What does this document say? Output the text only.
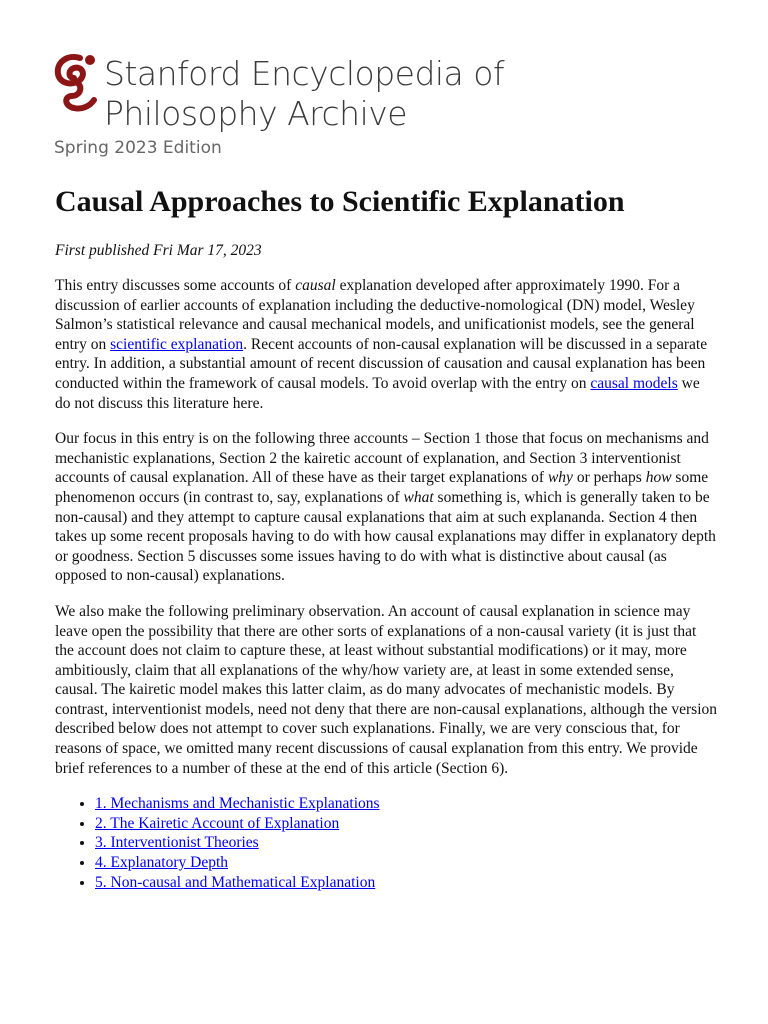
Stanford Encyclopedia of
Philosophy Archive
Spring 2023 Edition
Causal Approaches to Scientific Explanation

First published Fri Mar 17, 2023

This entry discusses some accounts of causal explanation developed after approximately 1990. For a discussion of earlier accounts of explanation including the deductive-nomological (DN) model, Wesley Salmon’s statistical relevance and causal mechanical models, and unificationist models, see the general entry on scientific explanation. Recent accounts of non-causal explanation will be discussed in a separate entry. In addition, a substantial amount of recent discussion of causation and causal explanation has been conducted within the framework of causal models. To avoid overlap with the entry on causal models we do not discuss this literature here.

Our focus in this entry is on the following three accounts – Section 1 those that focus on mechanisms and mechanistic explanations, Section 2 the kairetic account of explanation, and Section 3 interventionist accounts of causal explanation. All of these have as their target explanations of why or perhaps how some phenomenon occurs (in contrast to, say, explanations of what something is, which is generally taken to be non-causal) and they attempt to capture causal explanations that aim at such explananda. Section 4 then takes up some recent proposals having to do with how causal explanations may differ in explanatory depth or goodness. Section 5 discusses some issues having to do with what is distinctive about causal (as opposed to non-causal) explanations.

We also make the following preliminary observation. An account of causal explanation in science may leave open the possibility that there are other sorts of explanations of a non-causal variety (it is just that the account does not claim to capture these, at least without substantial modifications) or it may, more ambitiously, claim that all explanations of the why/how variety are, at least in some extended sense, causal. The kairetic model makes this latter claim, as do many advocates of mechanistic models. By contrast, interventionist models, need not deny that there are non-causal explanations, although the version described below does not attempt to cover such explanations. Finally, we are very conscious that, for reasons of space, we omitted many recent discussions of causal explanation from this entry. We provide brief references to a number of these at the end of this article (Section 6).

• 1. Mechanisms and Mechanistic Explanations
• 2. The Kairetic Account of Explanation
• 3. Interventionist Theories
• 4. Explanatory Depth
• 5. Non-causal and Mathematical Explanation
